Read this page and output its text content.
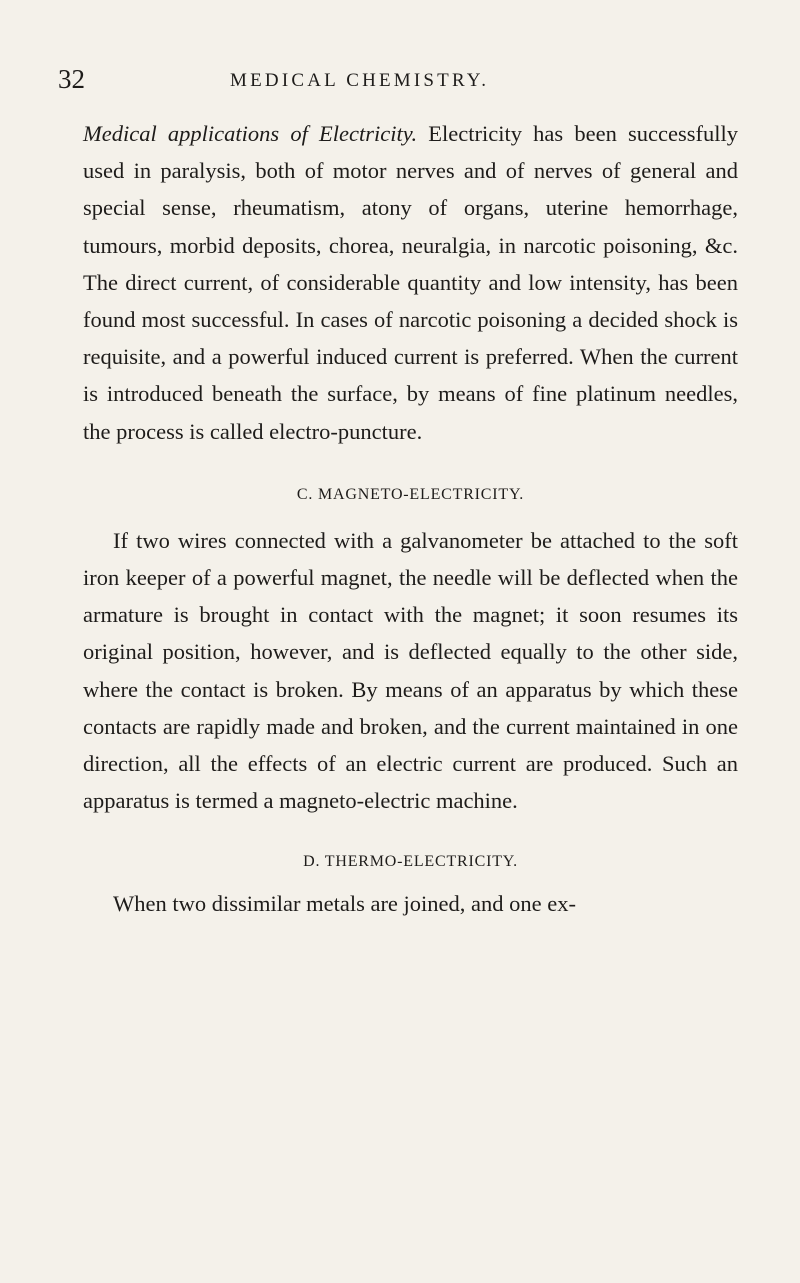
32	MEDICAL CHEMISTRY.

Medical applications of Electricity. Electricity has been successfully used in paralysis, both of motor nerves and of nerves of general and special sense, rheumatism, atony of organs, uterine hemorrhage, tumours, morbid deposits, chorea, neuralgia, in narcotic poisoning, &c. The direct current, of considerable quantity and low intensity, has been found most successful. In cases of narcotic poisoning a decided shock is requisite, and a powerful induced current is preferred. When the current is introduced beneath the surface, by means of fine platinum needles, the process is called electro-puncture.

C. MAGNETO-ELECTRICITY.

If two wires connected with a galvanometer be attached to the soft iron keeper of a powerful magnet, the needle will be deflected when the armature is brought in contact with the magnet; it soon resumes its original position, however, and is deflected equally to the other side, where the contact is broken. By means of an apparatus by which these contacts are rapidly made and broken, and the current maintained in one direction, all the effects of an electric current are produced. Such an apparatus is termed a magneto-electric machine.

D. THERMO-ELECTRICITY.

When two dissimilar metals are joined, and one ex-
